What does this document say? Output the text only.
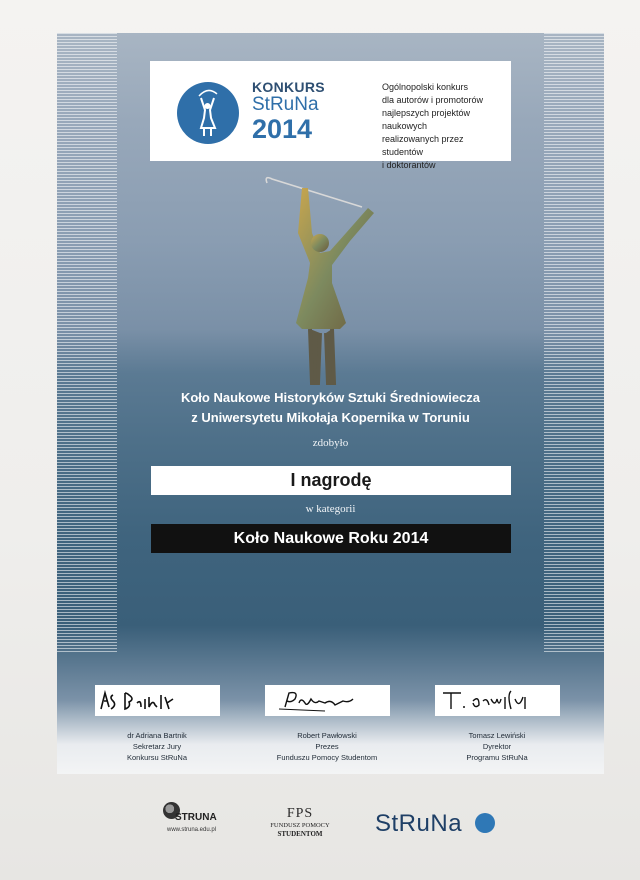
KONKURS
StRuNa
2014
Ogólnopolski konkurs
dla autorów i promotorów
najlepszych projektów naukowych
realizowanych przez studentów
i doktorantów
Koło Naukowe Historyków Sztuki Średniowiecza
z Uniwersytetu Mikołaja Kopernika w Toruniu
zdobyło
I nagrodę
w kategorii
Koło Naukowe Roku 2014
dr Adriana Bartnik
Sekretarz Jury
Konkursu StRuNa
Robert Pawłowski
Prezes
Funduszu Pomocy Studentom
Tomasz Lewiński
Dyrektor
Programu StRuNa
STRUNA
www.struna.edu.pl
FPS
FUNDUSZ POMOCY
STUDENTOM	StRuNa
